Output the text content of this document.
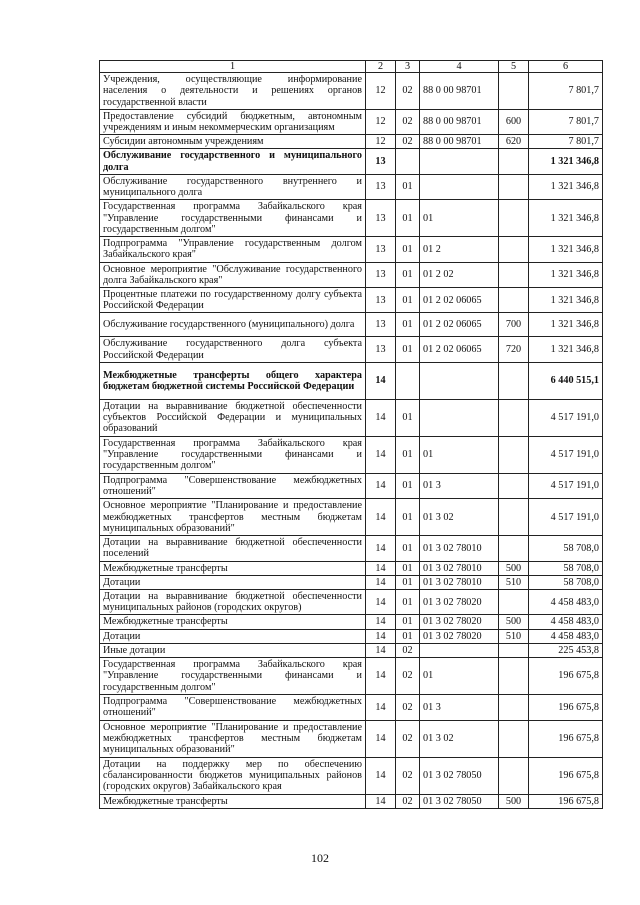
1	2	3	4	5	6
Учреждения, осуществляющие информирование населения о деятельности и решениях органов государственной власти	12	02	88 0 00 98701		7 801,7
Предоставление субсидий бюджетным, автономным учреждениям и иным некоммерческим организациям	12	02	88 0 00 98701	600	7 801,7
Субсидии автономным учреждениям	12	02	88 0 00 98701	620	7 801,7
Обслуживание государственного и муниципального долга	13				1 321 346,8
Обслуживание государственного внутреннего и муниципального долга	13	01			1 321 346,8
Государственная программа Забайкальского края "Управление государственными финансами и государственным долгом"	13	01	01		1 321 346,8
Подпрограмма "Управление государственным долгом Забайкальского края"	13	01	01 2		1 321 346,8
Основное мероприятие "Обслуживание государственного долга Забайкальского края"	13	01	01 2 02		1 321 346,8
Процентные платежи по государственному долгу субъекта Российской Федерации	13	01	01 2 02 06065		1 321 346,8
Обслуживание государственного (муниципального) долга	13	01	01 2 02 06065	700	1 321 346,8
Обслуживание государственного долга субъекта Российской Федерации	13	01	01 2 02 06065	720	1 321 346,8
Межбюджетные трансферты общего характера бюджетам бюджетной системы Российской Федерации	14				6 440 515,1
Дотации на выравнивание бюджетной обеспеченности субъектов Российской Федерации и муниципальных образований	14	01			4 517 191,0
Государственная программа Забайкальского края "Управление государственными финансами и государственным долгом"	14	01	01		4 517 191,0
Подпрограмма "Совершенствование межбюджетных отношений"	14	01	01 3		4 517 191,0
Основное мероприятие "Планирование и предоставление межбюджетных трансфертов местным бюджетам муниципальных образований"	14	01	01 3 02		4 517 191,0
Дотации на выравнивание бюджетной обеспеченности поселений	14	01	01 3 02 78010		58 708,0
Межбюджетные трансферты	14	01	01 3 02 78010	500	58 708,0
Дотации	14	01	01 3 02 78010	510	58 708,0
Дотации на выравнивание бюджетной обеспеченности муниципальных районов (городских округов)	14	01	01 3 02 78020		4 458 483,0
Межбюджетные трансферты	14	01	01 3 02 78020	500	4 458 483,0
Дотации	14	01	01 3 02 78020	510	4 458 483,0
Иные дотации	14	02			225 453,8
Государственная программа Забайкальского края "Управление государственными финансами и государственным долгом"	14	02	01		196 675,8
Подпрограмма "Совершенствование межбюджетных отношений"	14	02	01 3		196 675,8
Основное мероприятие "Планирование и предоставление межбюджетных трансфертов местным бюджетам муниципальных образований"	14	02	01 3 02		196 675,8
Дотации на поддержку мер по обеспечению сбалансированности бюджетов муниципальных районов (городских округов) Забайкальского края	14	02	01 3 02 78050		196 675,8
Межбюджетные трансферты	14	02	01 3 02 78050	500	196 675,8
102
